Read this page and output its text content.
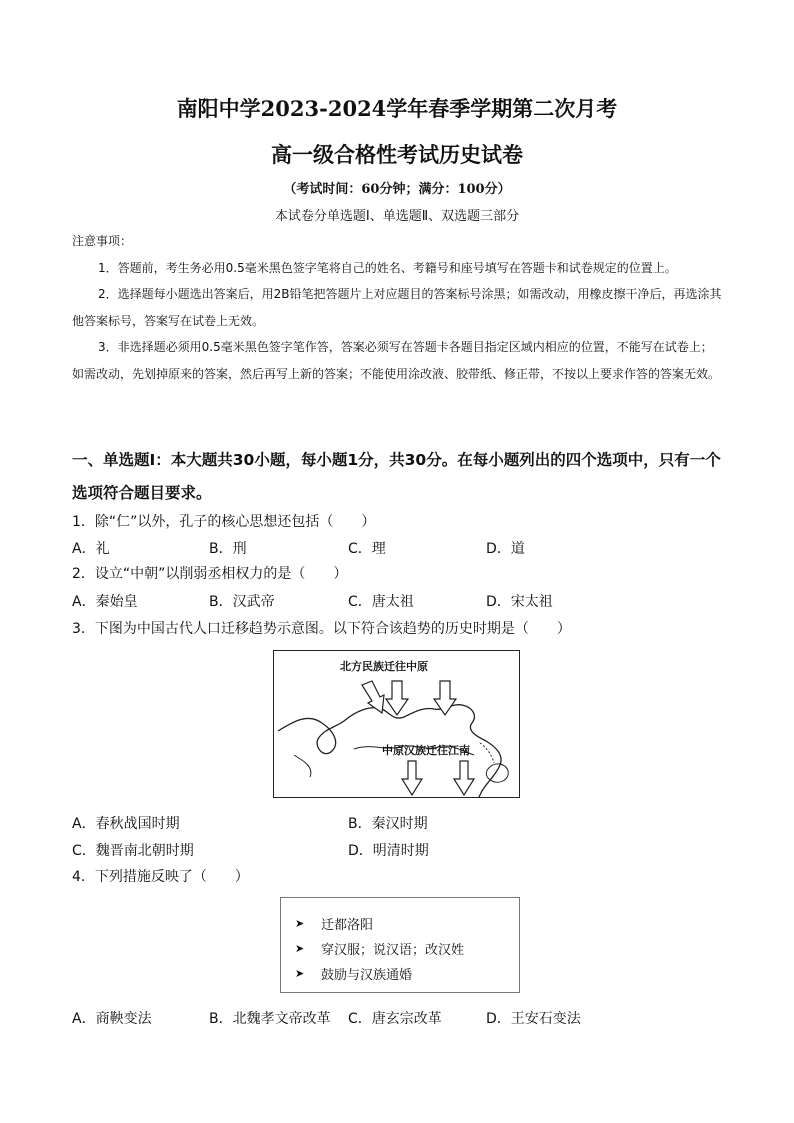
南阳中学2023-2024学年春季学期第二次月考
高一级合格性考试历史试卷
（考试时间：60分钟；满分：100分）
本试卷分单选题Ⅰ、单选题Ⅱ、双选题三部分

注意事项：

1．答题前，考生务必用0.5毫米黑色签字笔将自己的姓名、考籍号和座号填写在答题卡和试卷规定的位置上。

2．选择题每小题选出答案后，用2B铅笔把答题片上对应题目的答案标号涂黑；如需改动，用橡皮擦干净后，再选涂其他答案标号，答案写在试卷上无效。

3．非选择题必须用0.5毫米黑色签字笔作答，答案必须写在答题卡各题目指定区域内相应的位置，不能写在试卷上；如需改动，先划掉原来的答案，然后再写上新的答案；不能使用涂改液、胶带纸、修正带，不按以上要求作答的答案无效。

一、单选题Ⅰ：本大题共30小题，每小题1分，共30分。在每小题列出的四个选项中，只有一个选项符合题目要求。
1．除“仁”以外，孔子的核心思想还包括（　　）
A．礼	B．刑	C．理	D．道
2．设立“中朝”以削弱丞相权力的是（　　）
A．秦始皇	B．汉武帝	C．唐太祖	D．宋太祖
3．下图为中国古代人口迁移趋势示意图。以下符合该趋势的历史时期是（　　）
北方民族迁往中原
中原汉族迁往江南
A．春秋战国时期	B．秦汉时期
C．魏晋南北朝时期	D．明清时期
4．下列措施反映了（　　）
➤ 迁都洛阳
➤ 穿汉服；说汉语；改汉姓
➤ 鼓励与汉族通婚
A．商鞅变法	B．北魏孝文帝改革 C．唐玄宗改革	D．王安石变法
